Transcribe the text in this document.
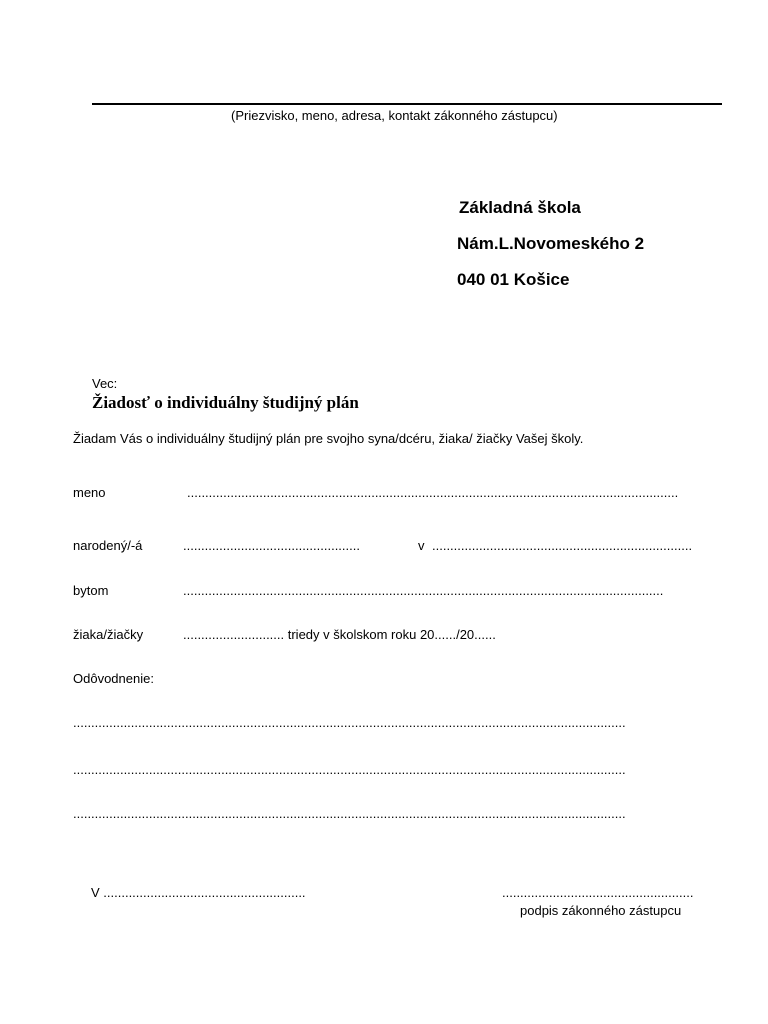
(Priezvisko, meno, adresa, kontakt zákonného zástupcu)
Základná škola
Nám.L.Novomeského 2
040 01 Košice
Vec:
Žiadosť o individuálny študijný plán
Žiadam Vás o individuálny študijný plán pre svojho syna/dcéru, žiaka/ žiačky Vašej školy.
meno	........................................................................................................................................
narodený/-á	.................................................	v ........................................................................
bytom	.....................................................................................................................................
žiaka/žiačky	............................ triedy v školskom roku 20....../20......
Odôvodnenie:
.........................................................................................................................................................
.........................................................................................................................................................
.........................................................................................................................................................
V ........................................................	.....................................................
podpis zákonného zástupcu
